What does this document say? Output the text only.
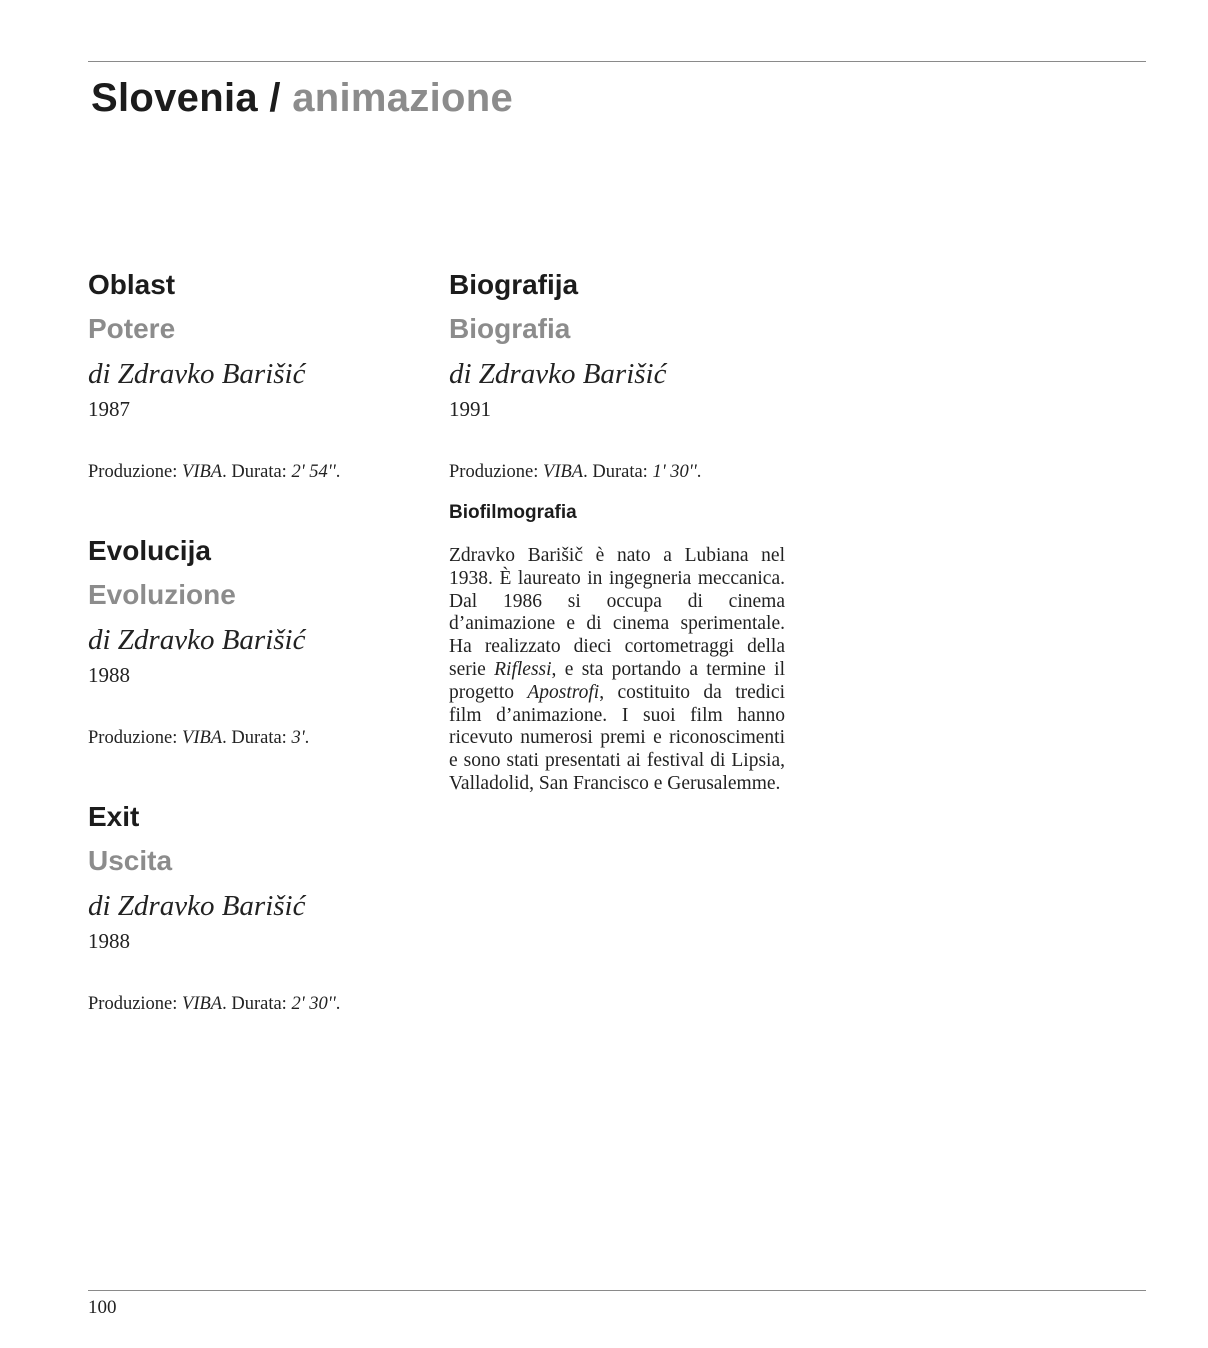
Slovenia / animazione

Oblast

Potere

di Zdravko Barišić

1987

Produzione: VIBA. Durata: 2' 54''.

Evolucija

Evoluzione

di Zdravko Barišić

1988

Produzione: VIBA. Durata: 3'.

Exit

Uscita

di Zdravko Barišić

1988

Produzione: VIBA. Durata: 2' 30''.

Biografija

Biografia

di Zdravko Barišić

1991

Produzione: VIBA. Durata: 1' 30''.

Biofilmografia

Zdravko Barišič è nato a Lubiana nel 1938. È laureato in ingegneria meccanica. Dal 1986 si occupa di cinema d’animazione e di cinema sperimentale. Ha realizzato dieci cortometraggi della serie Riflessi, e sta portando a termine il progetto Apostrofi, costituito da tredici film d’animazione. I suoi film hanno ricevuto numerosi premi e riconoscimenti e sono stati presentati ai festival di Lipsia, Valladolid, San Francisco e Gerusalemme.

100
